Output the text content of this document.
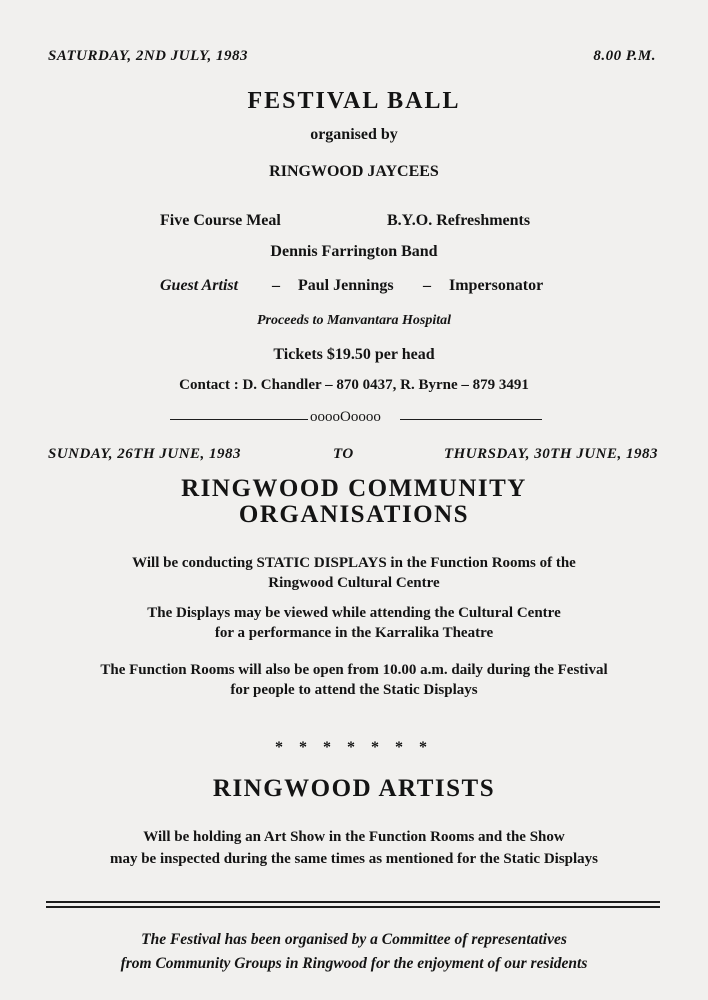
SATURDAY, 2ND JULY, 1983	8.00 P.M.
FESTIVAL BALL
organised by
RINGWOOD JAYCEES
Five Course Meal	B.Y.O. Refreshments
Dennis Farrington Band
Guest Artist – Paul Jennings – Impersonator
Proceeds to Manvantara Hospital
Tickets $19.50 per head
Contact : D. Chandler – 870 0437, R. Byrne – 879 3491
ooooOoooo
SUNDAY, 26TH JUNE, 1983	TO	THURSDAY, 30TH JUNE, 1983
RINGWOOD COMMUNITY
ORGANISATIONS
Will be conducting STATIC DISPLAYS in the Function Rooms of the
Ringwood Cultural Centre
The Displays may be viewed while attending the Cultural Centre
for a performance in the Karralika Theatre
The Function Rooms will also be open from 10.00 a.m. daily during the Festival
for people to attend the Static Displays
* * * * * * *
RINGWOOD ARTISTS
Will be holding an Art Show in the Function Rooms and the Show
may be inspected during the same times as mentioned for the Static Displays
The Festival has been organised by a Committee of representatives
from Community Groups in Ringwood for the enjoyment of our residents
